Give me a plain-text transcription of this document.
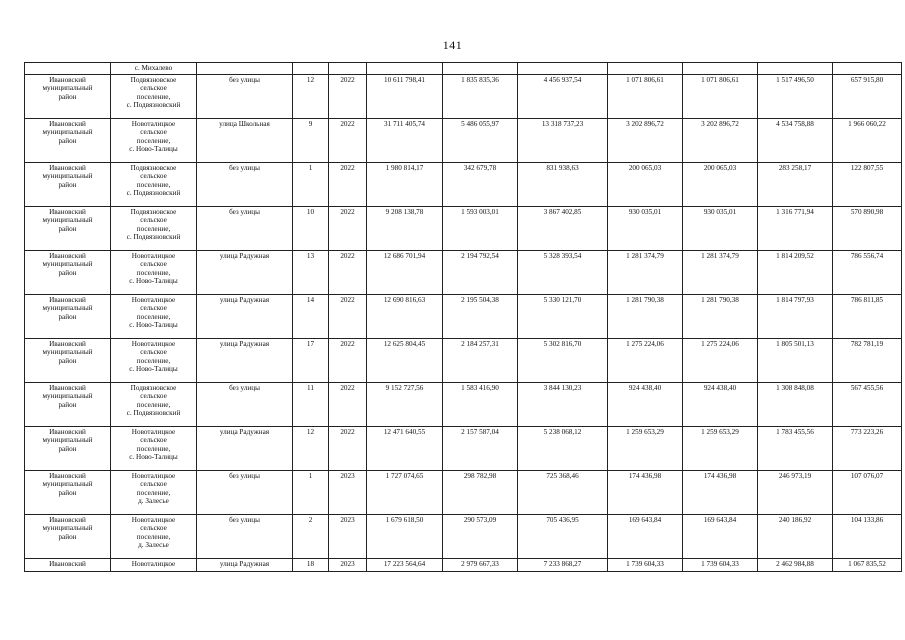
141
	с. Михалево										

Ивановский
муниципальный
район	Подвязновское
сельское
поселение,
с. Подвязновский	без улицы	12	2022	10 611 798,41	1 835 835,36	4 456 937,54	1 071 806,61	1 071 806,61	1 517 496,50	657 915,80

Ивановский
муниципальный
район	Новоталицкое
сельское
поселение,
с. Ново-Талицы	улица Школьная	9	2022	31 711 405,74	5 486 055,97	13 318 737,23	3 202 896,72	3 202 896,72	4 534 758,88	1 966 060,22

Ивановский
муниципальный
район	Подвязновское
сельское
поселение,
с. Подвязновский	без улицы	1	2022	1 980 814,17	342 679,78	831 938,63	200 065,03	200 065,03	283 258,17	122 807,55

Ивановский
муниципальный
район	Подвязновское
сельское
поселение,
с. Подвязновский	без улицы	10	2022	9 208 138,78	1 593 003,01	3 867 402,85	930 035,01	930 035,01	1 316 771,94	570 890,98

Ивановский
муниципальный
район	Новоталицкое
сельское
поселение,
с. Ново-Талицы	улица Радужная	13	2022	12 686 701,94	2 194 792,54	5 328 393,54	1 281 374,79	1 281 374,79	1 814 209,52	786 556,74

Ивановский
муниципальный
район	Новоталицкое
сельское
поселение,
с. Ново-Талицы	улица Радужная	14	2022	12 690 816,63	2 195 504,38	5 330 121,70	1 281 790,38	1 281 790,38	1 814 797,93	786 811,85

Ивановский
муниципальный
район	Новоталицкое
сельское
поселение,
с. Ново-Талицы	улица Радужная	17	2022	12 625 804,45	2 184 257,31	5 302 816,70	1 275 224,06	1 275 224,06	1 805 501,13	782 781,19

Ивановский
муниципальный
район	Подвязновское
сельское
поселение,
с. Подвязновский	без улицы	11	2022	9 152 727,56	1 583 416,90	3 844 130,23	924 438,40	924 438,40	1 308 848,08	567 455,56

Ивановский
муниципальный
район	Новоталицкое
сельское
поселение,
с. Ново-Талицы	улица Радужная	12	2022	12 471 640,55	2 157 587,04	5 238 068,12	1 259 653,29	1 259 653,29	1 783 455,56	773 223,26

Ивановский
муниципальный
район	Новоталицкое
сельское
поселение,
д. Залесье	без улицы	1	2023	1 727 074,65	298 782,98	725 368,46	174 436,98	174 436,98	246 973,19	107 076,07

Ивановский
муниципальный
район	Новоталицкое
сельское
поселение,
д. Залесье	без улицы	2	2023	1 679 618,50	290 573,09	705 436,95	169 643,84	169 643,84	240 186,92	104 133,86
Ивановский	Новоталицкое	улица Радужная	18	2023	17 223 564,64	2 979 667,33	7 233 868,27	1 739 604,33	1 739 604,33	2 462 984,88	1 067 835,52
